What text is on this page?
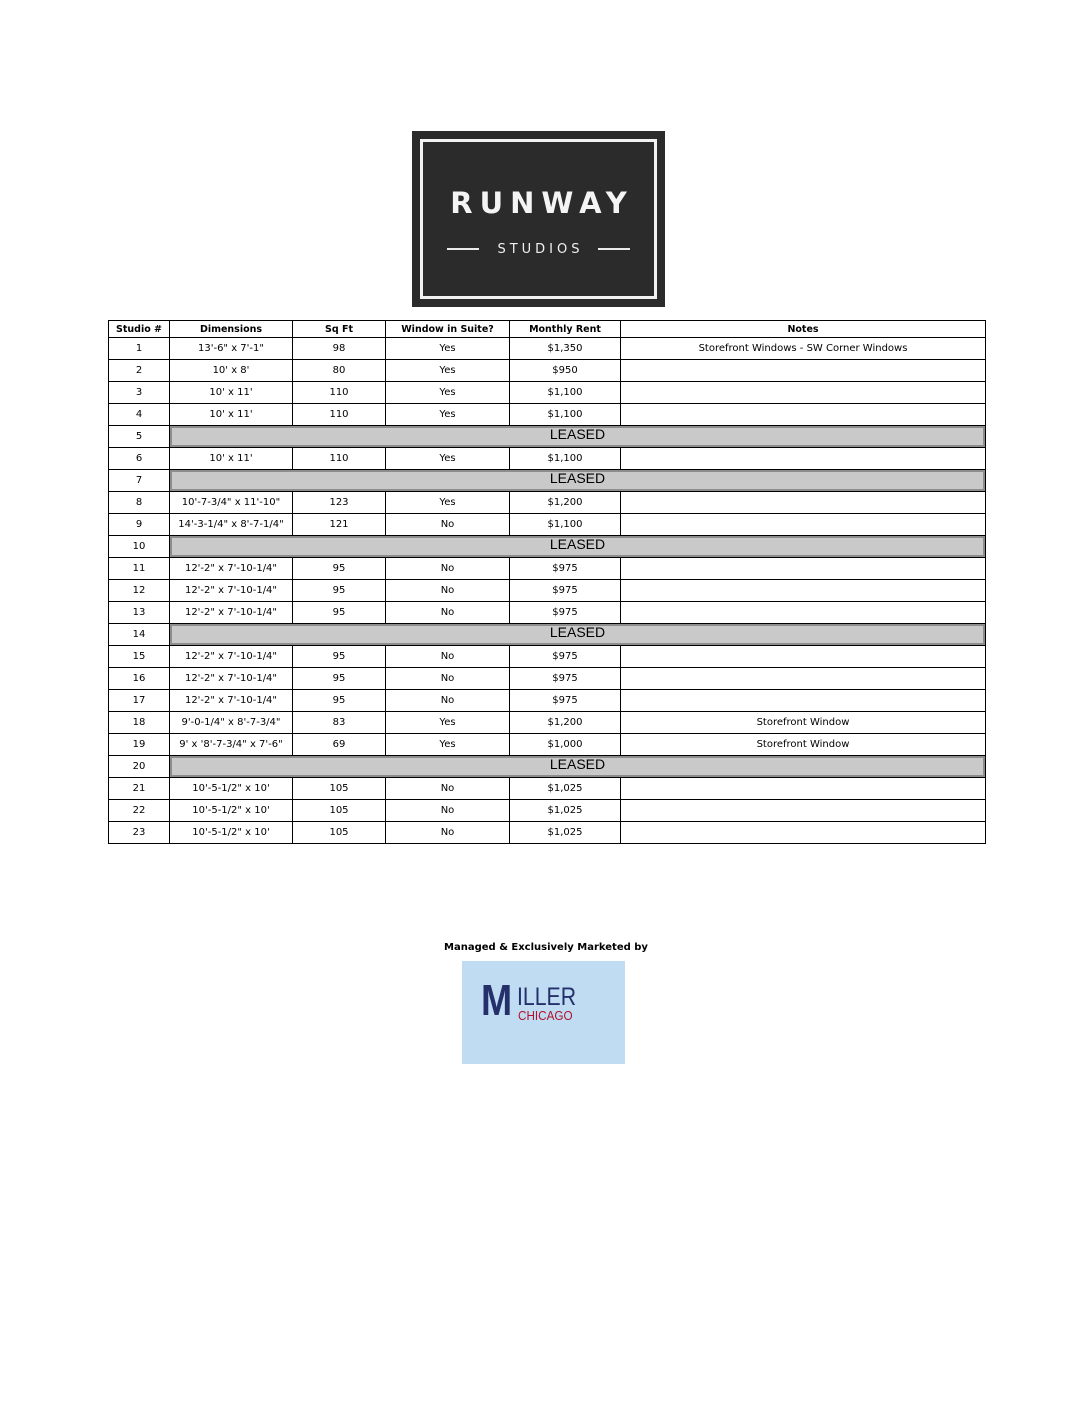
RUNWAY
STUDIOS
Studio #	Dimensions	Sq Ft	Window in Suite?	Monthly Rent	Notes
1	13'-6" x 7'-1"	98	Yes	$1,350	Storefront Windows - SW Corner Windows
2	10' x 8'	80	Yes	$950	
3	10' x 11'	110	Yes	$1,100	
4	10' x 11'	110	Yes	$1,100	
5	LEASED				
6	10' x 11'	110	Yes	$1,100	
7	LEASED				
8	10'-7-3/4" x 11'-10"	123	Yes	$1,200	
9	14'-3-1/4" x 8'-7-1/4"	121	No	$1,100	
10	LEASED				
11	12'-2" x 7'-10-1/4"	95	No	$975	
12	12'-2" x 7'-10-1/4"	95	No	$975	
13	12'-2" x 7'-10-1/4"	95	No	$975	
14	LEASED				
15	12'-2" x 7'-10-1/4"	95	No	$975	
16	12'-2" x 7'-10-1/4"	95	No	$975	
17	12'-2" x 7'-10-1/4"	95	No	$975	
18	9'-0-1/4" x 8'-7-3/4"	83	Yes	$1,200	Storefront Window
19	9' x '8'-7-3/4" x 7'-6"	69	Yes	$1,000	Storefront Window
20	LEASED				
21	10'-5-1/2" x 10'	105	No	$1,025	
22	10'-5-1/2" x 10'	105	No	$1,025	
23	10'-5-1/2" x 10'	105	No	$1,025	
Managed & Exclusively Marketed by
M ILLER
CHICAGO
